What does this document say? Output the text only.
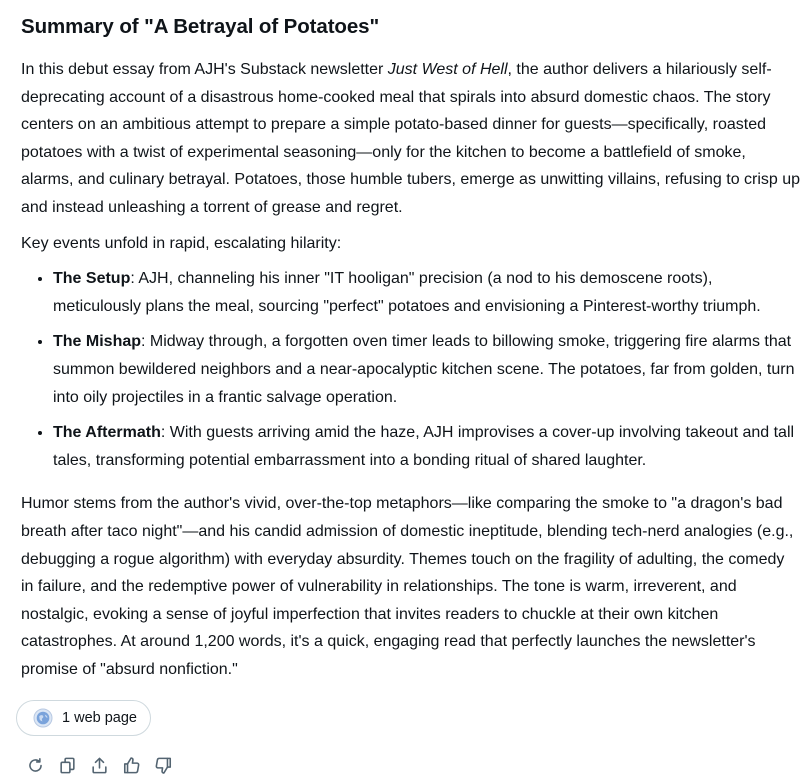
Summary of "A Betrayal of Potatoes"

In this debut essay from AJH's Substack newsletter Just West of Hell, the author delivers a hilariously self-deprecating account of a disastrous home-cooked meal that spirals into absurd domestic chaos. The story centers on an ambitious attempt to prepare a simple potato-based dinner for guests—specifically, roasted potatoes with a twist of experimental seasoning—only for the kitchen to become a battlefield of smoke, alarms, and culinary betrayal. Potatoes, those humble tubers, emerge as unwitting villains, refusing to crisp up and instead unleashing a torrent of grease and regret.

Key events unfold in rapid, escalating hilarity:

• The Setup: AJH, channeling his inner "IT hooligan" precision (a nod to his demoscene roots), meticulously plans the meal, sourcing "perfect" potatoes and envisioning a Pinterest-worthy triumph.
• The Mishap: Midway through, a forgotten oven timer leads to billowing smoke, triggering fire alarms that summon bewildered neighbors and a near-apocalyptic kitchen scene. The potatoes, far from golden, turn into oily projectiles in a frantic salvage operation.
• The Aftermath: With guests arriving amid the haze, AJH improvises a cover-up involving takeout and tall tales, transforming potential embarrassment into a bonding ritual of shared laughter.

Humor stems from the author's vivid, over-the-top metaphors—like comparing the smoke to "a dragon's bad breath after taco night"—and his candid admission of domestic ineptitude, blending tech-nerd analogies (e.g., debugging a rogue algorithm) with everyday absurdity. Themes touch on the fragility of adulting, the comedy in failure, and the redemptive power of vulnerability in relationships. The tone is warm, irreverent, and nostalgic, evoking a sense of joyful imperfection that invites readers to chuckle at their own kitchen catastrophes. At around 1,200 words, it's a quick, engaging read that perfectly launches the newsletter's promise of "absurd nonfiction."

1 web page
